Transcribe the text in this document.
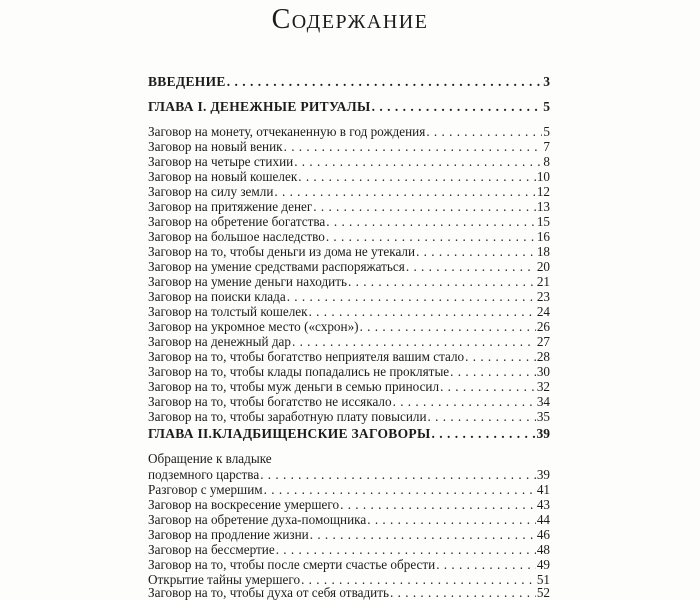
Содержание
ВВЕДЕНИЕ . . .	3
ГЛАВА I. ДЕНЕЖНЫЕ РИТУАЛЫ . . .	5
Заговор на монету, отчеканенную в год рождения . . .	5
Заговор на новый веник . . .	7
Заговор на четыре стихии . . .	8
Заговор на новый кошелек . . .	10
Заговор на силу земли . . .	12
Заговор на притяжение денег . . .	13
Заговор на обретение богатства . . .	15
Заговор на большое наследство . . .	16
Заговор на то, чтобы деньги из дома не утекали . . .	18
Заговор на умение средствами распоряжаться . . .	20
Заговор на умение деньги находить . . .	21
Заговор на поиски клада . . .	23
Заговор на толстый кошелек . . .	24
Заговор на укромное место («схрон») . . .	26
Заговор на денежный дар . . .	27
Заговор на то, чтобы богатство неприятеля вашим стало . . .	28
Заговор на то, чтобы клады попадались не проклятые . . .	30
Заговор на то, чтобы муж деньги в семью приносил . . .	32
Заговор на то, чтобы богатство не иссякало . . .	34
Заговор на то, чтобы заработную плату повысили . . .	35
ГЛАВА II.КЛАДБИЩЕНСКИЕ ЗАГОВОРЫ . . .	39
Обращение к владыке
подземного царства . . .	39
Разговор с умершим . . .	41
Заговор на воскресение умершего . . .	43
Заговор на обретение духа-помощника . . .	44
Заговор на продление жизни . . .	46
Заговор на бессмертие . . .	48
Заговор на то, чтобы после смерти счастье обрести . . .	49
Открытие тайны умершего . . .	51
Заговор на то, чтобы духа от себя отвадить . . .	52
